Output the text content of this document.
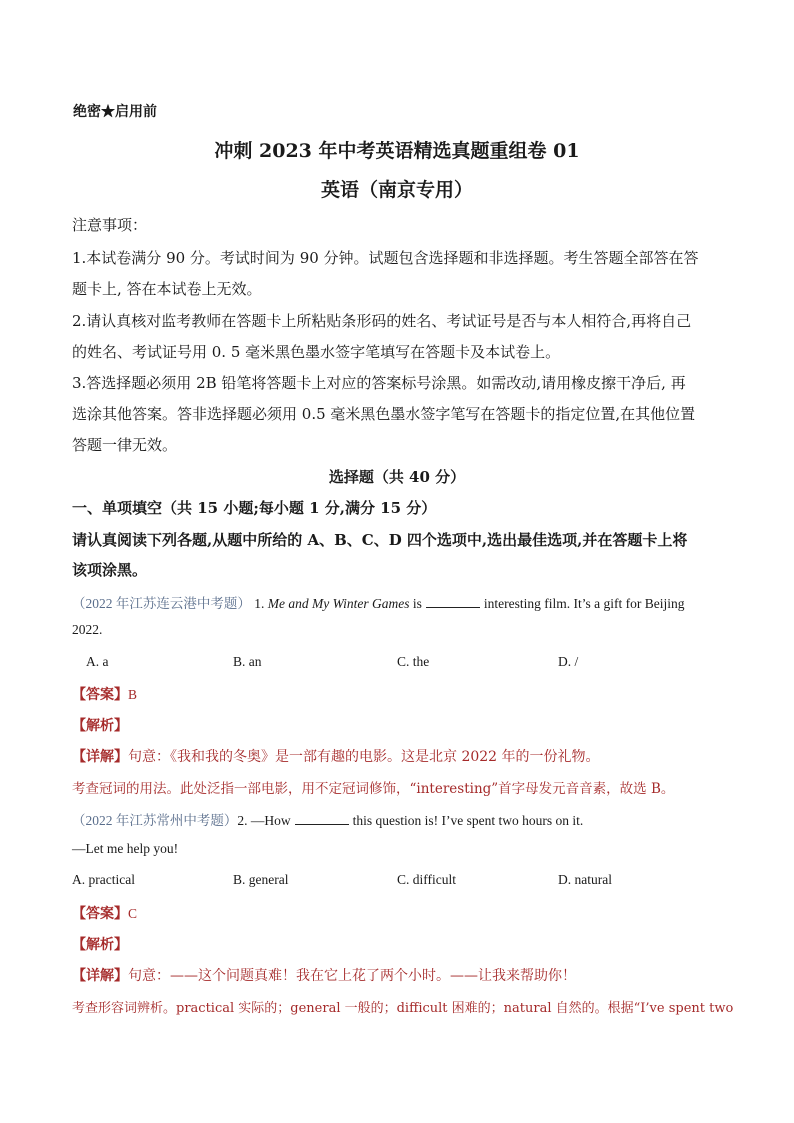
绝密★启用前
冲刺 2023 年中考英语精选真题重组卷 01
英语（南京专用）
注意事项：
1.本试卷满分 90 分。考试时间为 90 分钟。试题包含选择题和非选择题。考生答题全部答在答
题卡上, 答在本试卷上无效。
2.请认真核对监考教师在答题卡上所粘贴条形码的姓名、考试证号是否与本人相符合,再将自己
的姓名、考试证号用 0. 5 毫米黑色墨水签字笔填写在答题卡及本试卷上。
3.答选择题必须用 2B 铅笔将答题卡上对应的答案标号涂黑。如需改动,请用橡皮擦干净后, 再
选涂其他答案。答非选择题必须用 0.5 毫米黑色墨水签字笔写在答题卡的指定位置,在其他位置
答题一律无效。
选择题（共 40 分）
一、单项填空（共 15 小题;每小题 1 分,满分 15 分）
请认真阅读下列各题,从题中所给的 A、B、C、D 四个选项中,选出最佳选项,并在答题卡上将
该项涂黑。
（2022 年江苏连云港中考题） 1. Me and My Winter Games is	interesting film. It’s a gift for Beijing
2022.
A. a	B. an	C. the	D. /
【答案】B
【解析】
【详解】句意：《我和我的冬奥》是一部有趣的电影。这是北京 2022 年的一份礼物。
考查冠词的用法。此处泛指一部电影，用不定冠词修饰，“interesting”首字母发元音音素，故选 B。
（2022 年江苏常州中考题）2. —How	this question is! I’ve spent two hours on it.
—Let me help you!
A. practical	B. general	C. difficult	D. natural
【答案】C
【解析】
【详解】句意：——这个问题真难！我在它上花了两个小时。——让我来帮助你！
考查形容词辨析。practical 实际的；general 一般的；difficult 困难的；natural 自然的。根据“I’ve spent two
